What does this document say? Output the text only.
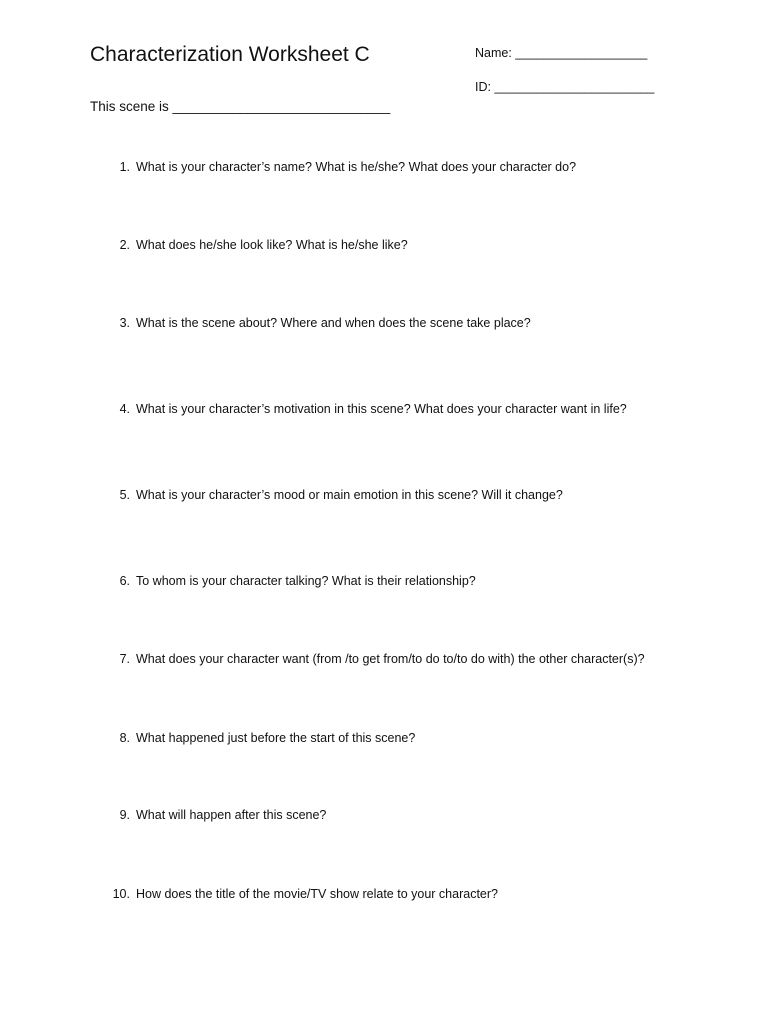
Characterization Worksheet C	Name: ___________________
ID: _______________________
This scene is _____________________________
1. What is your character’s name? What is he/she? What does your character do?
2. What does he/she look like? What is he/she like?
3. What is the scene about? Where and when does the scene take place?
4. What is your character’s motivation in this scene? What does your character want in life?
5. What is your character’s mood or main emotion in this scene? Will it change?
6. To whom is your character talking? What is their relationship?
7. What does your character want (from /to get from/to do to/to do with) the other character(s)?
8. What happened just before the start of this scene?
9. What will happen after this scene?
10. How does the title of the movie/TV show relate to your character?
